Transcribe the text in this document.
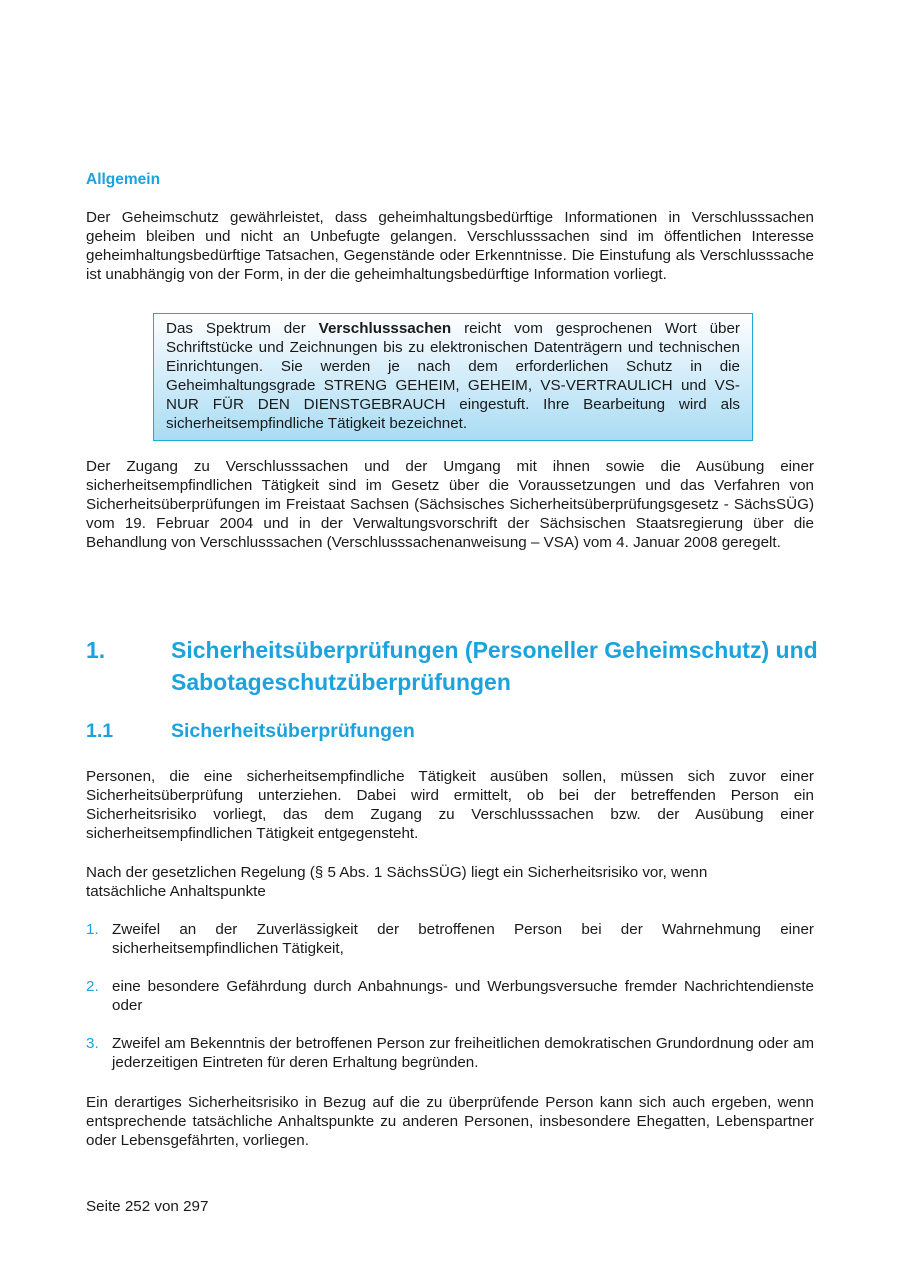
Allgemein

Der Geheimschutz gewährleistet, dass geheimhaltungsbedürftige Informationen in Verschlusssachen geheim bleiben und nicht an Unbefugte gelangen. Verschlusssachen sind im öffentlichen Interesse geheimhaltungsbedürftige Tatsachen, Gegenstände oder Erkenntnisse. Die Einstufung als Verschlusssache ist unabhängig von der Form, in der die geheimhaltungsbedürftige Information vorliegt.

Das Spektrum der Verschlusssachen reicht vom gesprochenen Wort über Schriftstücke und Zeichnungen bis zu elektronischen Datenträgern und technischen Einrichtungen. Sie werden je nach dem erforderlichen Schutz in die Geheimhaltungsgrade STRENG GEHEIM, GEHEIM, VS-VERTRAULICH und VS-NUR FÜR DEN DIENSTGEBRAUCH eingestuft. Ihre Bearbeitung wird als sicherheitsempfindliche Tätigkeit bezeichnet.

Der Zugang zu Verschlusssachen und der Umgang mit ihnen sowie die Ausübung einer sicherheitsempfindlichen Tätigkeit sind im Gesetz über die Voraussetzungen und das Verfahren von Sicherheitsüberprüfungen im Freistaat Sachsen (Sächsisches Sicherheitsüberprüfungsgesetz - SächsSÜG) vom 19. Februar 2004 und in der Verwaltungsvorschrift der Sächsischen Staatsregierung über die Behandlung von Verschlusssachen (Verschlusssachenanweisung – VSA) vom 4. Januar 2008 geregelt.

1.	Sicherheitsüberprüfungen (Personeller Geheimschutz) und Sabotageschutzüberprüfungen
1.1	Sicherheitsüberprüfungen

Personen, die eine sicherheitsempfindliche Tätigkeit ausüben sollen, müssen sich zuvor einer Sicherheitsüberprüfung unterziehen. Dabei wird ermittelt, ob bei der betreffenden Person ein Sicherheitsrisiko vorliegt, das dem Zugang zu Verschlusssachen bzw. der Ausübung einer sicherheitsempfindlichen Tätigkeit entgegensteht.

Nach der gesetzlichen Regelung (§ 5 Abs. 1 SächsSÜG) liegt ein Sicherheitsrisiko vor, wenn tatsächliche Anhaltspunkte

1. Zweifel an der Zuverlässigkeit der betroffenen Person bei der Wahrnehmung einer sicherheitsempfindlichen Tätigkeit,
2. eine besondere Gefährdung durch Anbahnungs- und Werbungsversuche fremder Nachrichtendienste oder
3. Zweifel am Bekenntnis der betroffenen Person zur freiheitlichen demokratischen Grundordnung oder am jederzeitigen Eintreten für deren Erhaltung begründen.

Ein derartiges Sicherheitsrisiko in Bezug auf die zu überprüfende Person kann sich auch ergeben, wenn entsprechende tatsächliche Anhaltspunkte zu anderen Personen, insbesondere Ehegatten, Lebenspartner oder Lebensgefährten, vorliegen.

Seite 252 von 297
